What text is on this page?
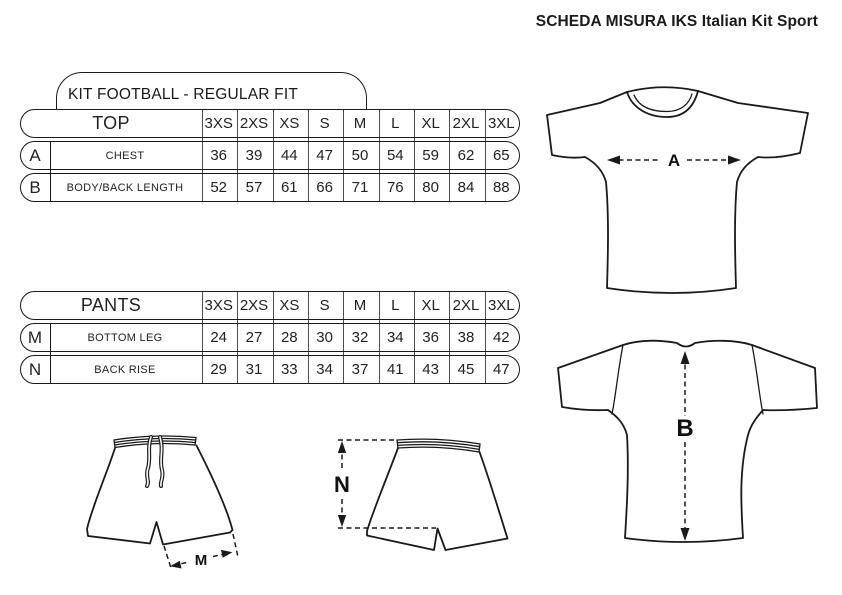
SCHEDA MISURA IKS Italian Kit Sport
KIT FOOTBALL - REGULAR FIT
TOP	3XS 2XS XS	S	M	L	XL 2XL 3XL
A	CHEST	36	39	44	47	50	54	59	62	65
B	BODY/BACK LENGTH	52	57	61	66	71	76	80	84	88
PANTS	3XS 2XS XS	S	M	L	XL 2XL 3XL
M	BOTTOM LEG	24	27	28	30	32	34	36	38	42
N	BACK RISE	29	31	33	34	37	41	43	45	47
A
B
M
N
